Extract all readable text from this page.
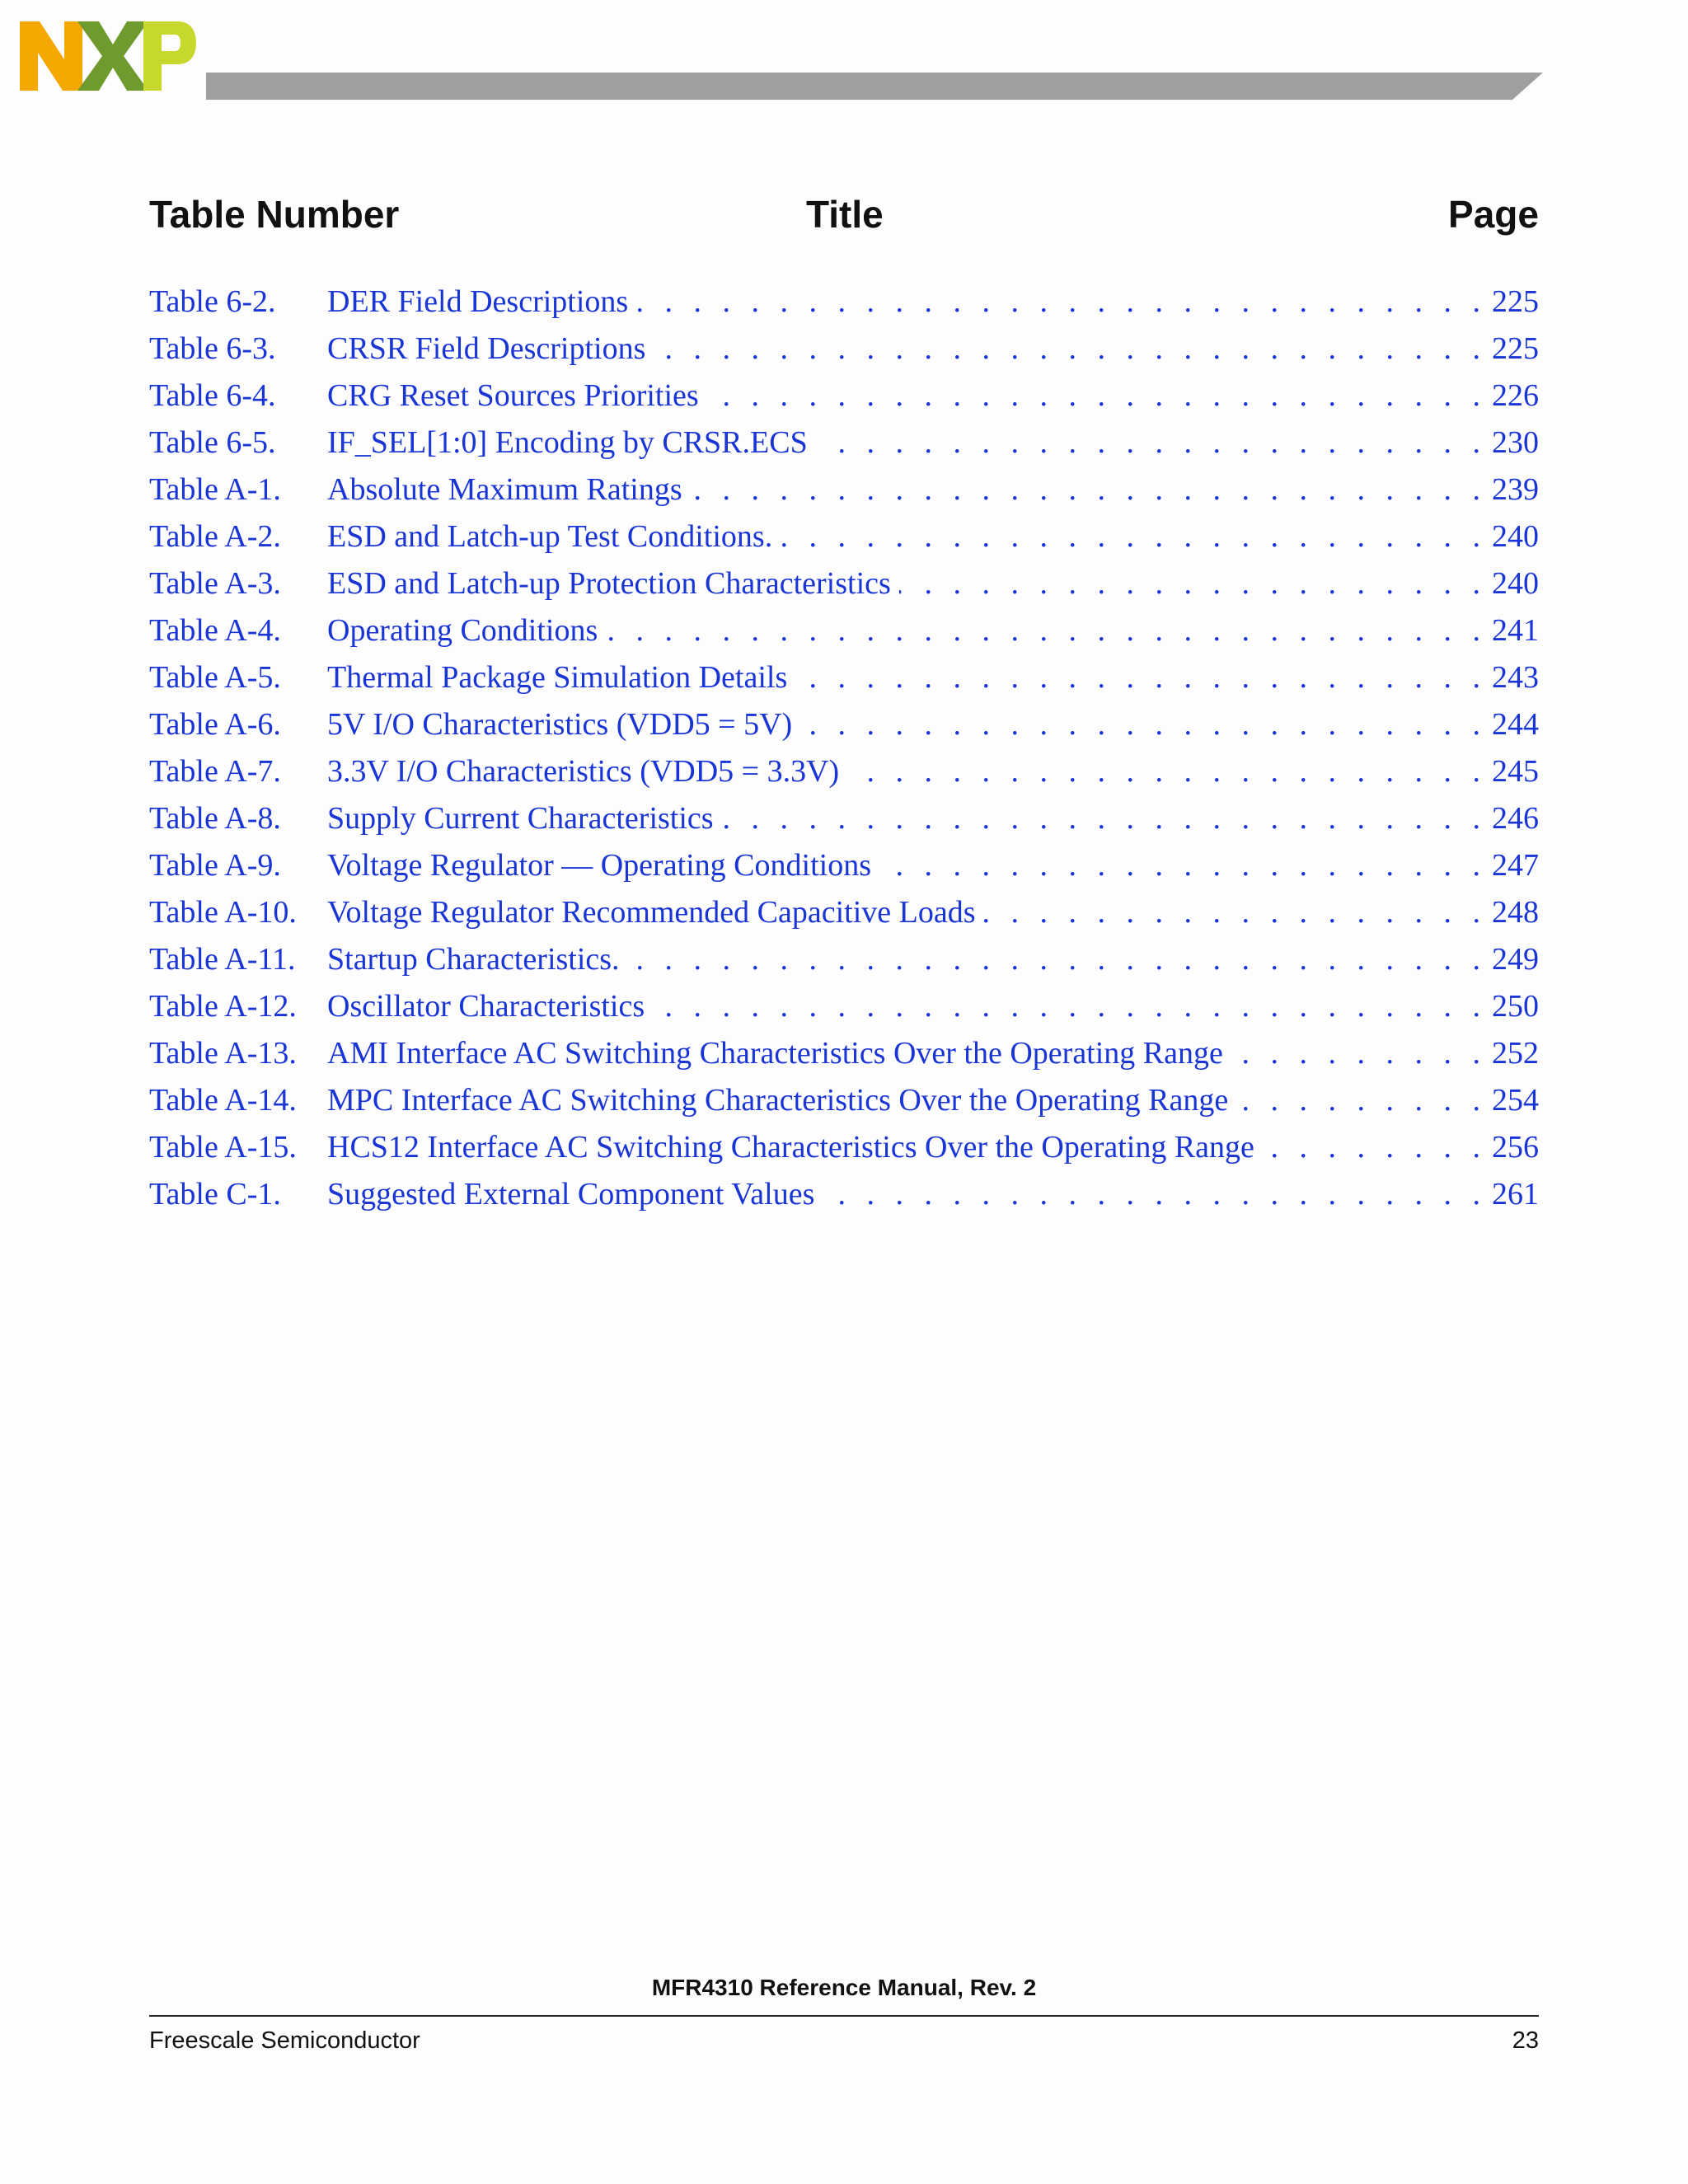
Table Number	Title	Page
Table 6-2.	DER Field Descriptions . . .	225
Table 6-3.	CRSR Field Descriptions . . .	225
Table 6-4.	CRG Reset Sources Priorities . . .	226
Table 6-5.	IF_SEL[1:0] Encoding by CRSR.ECS . . .	230
Table A-1.	Absolute Maximum Ratings . . .	239
Table A-2.	ESD and Latch-up Test Conditions. . . .	240
Table A-3.	ESD and Latch-up Protection Characteristics . . .	240
Table A-4.	Operating Conditions . . .	241
Table A-5.	Thermal Package Simulation Details . . .	243
Table A-6.	5V I/O Characteristics (VDD5 = 5V) . . .	244
Table A-7.	3.3V I/O Characteristics (VDD5 = 3.3V) . . .	245
Table A-8.	Supply Current Characteristics . . .	246
Table A-9.	Voltage Regulator — Operating Conditions . . .	247
Table A-10. Voltage Regulator Recommended Capacitive Loads . . .	248
Table A-11.	Startup Characteristics. . . .	249
Table A-12. Oscillator Characteristics . . .	250
Table A-13. AMI Interface AC Switching Characteristics Over the Operating Range . . .	252
Table A-14. MPC Interface AC Switching Characteristics Over the Operating Range . . .	254
Table A-15. HCS12 Interface AC Switching Characteristics Over the Operating Range . . .	256
Table C-1.	Suggested External Component Values . . .	261
MFR4310 Reference Manual, Rev. 2
Freescale Semiconductor	23
